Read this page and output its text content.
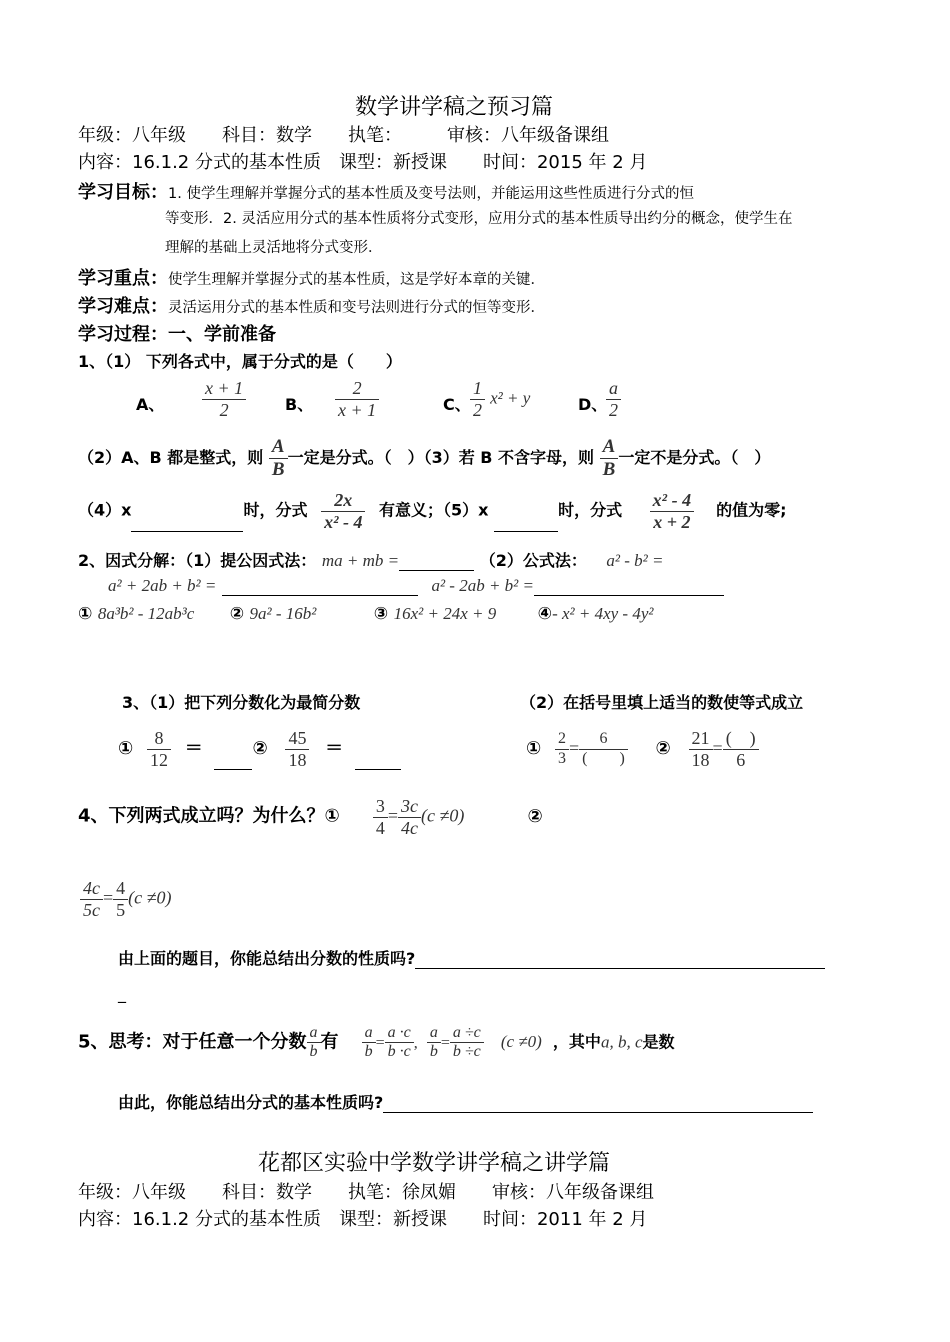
数学讲学稿之预习篇
年级：八年级　　科目：数学　　执笔：　　　审核：八年级备课组
内容：16.1.2 分式的基本性质　课型：新授课　　时间：2015 年 2 月
学习目标：1. 使学生理解并掌握分式的基本性质及变号法则，并能运用这些性质进行分式的恒
等变形．2. 灵活应用分式的基本性质将分式变形，应用分式的基本性质导出约分的概念，使学生在
理解的基础上灵活地将分式变形．
学习重点：使学生理解并掌握分式的基本性质，这是学好本章的关键．
学习难点：灵活运用分式的基本性质和变号法则进行分式的恒等变形．
学习过程：一、学前准备
1、（1） 下列各式中，属于分式的是（　　）
A、 $\frac{x + 1}{2}$ B、 $\frac{2}{x + 1}$	C、 $\frac{1}{2} x^2 + y$	D、
$\frac{a}{2}$
（2）A、B 都是整式，则 $\frac{A}{B}$ 一定是分式。（　）（3）若 B 不含字母，则 $\frac{A}{B}$ 一定不是分式。（　）
（4）x	时，分式 $\frac{2x}{\text{x² - 4}}$ 有意义；（5）x	时，分式 $\frac{\text{x² - 4}}{x + 2}$ 的值为零;
2、因式分解：（1）提公因式法： ma + mb =	（2）公式法： a² - b² =
a² + 2ab + b² =	a² - 2ab + b² =
① 8a³b² - 12ab³c ② 9a² - 16b²	③ 16x² + 24x + 9 ④- x² + 4xy - 4y²
3、（1）把下列分数化为最简分数	（2）在括号里填上适当的数使等式成立
① $\frac{8}{12}$ ＝	② $\frac{45}{18}$ ＝	① $\frac{2}{3} = \frac{6}{( )}$ ② $\frac{21}{18} = \frac{( )}{6}$
4、下列两式成立吗？为什么？① $\frac{3}{4} = \frac{3c}{4c} (c \ne 0)$	②
$\frac{4c}{5c} = \frac{4}{5} (c \ne 0)$
由上面的题目，你能总结出分数的性质吗?
_
5、思考：对于任意一个分数 $\frac{a}{b}$ 有 $\frac{a}{b} = \frac{a \cdot c}{b \cdot c}$ , $\frac{a}{b} = \frac{a \div c}{b \div c} (c \ne 0)$ ，其中a, b, c是数
由此，你能总结出分式的基本性质吗?
花都区实验中学数学讲学稿之讲学篇
年级：八年级　　科目：数学　　执笔：徐凤媚　　审核：八年级备课组
内容：16.1.2 分式的基本性质　课型：新授课　　时间：2011 年 2 月
